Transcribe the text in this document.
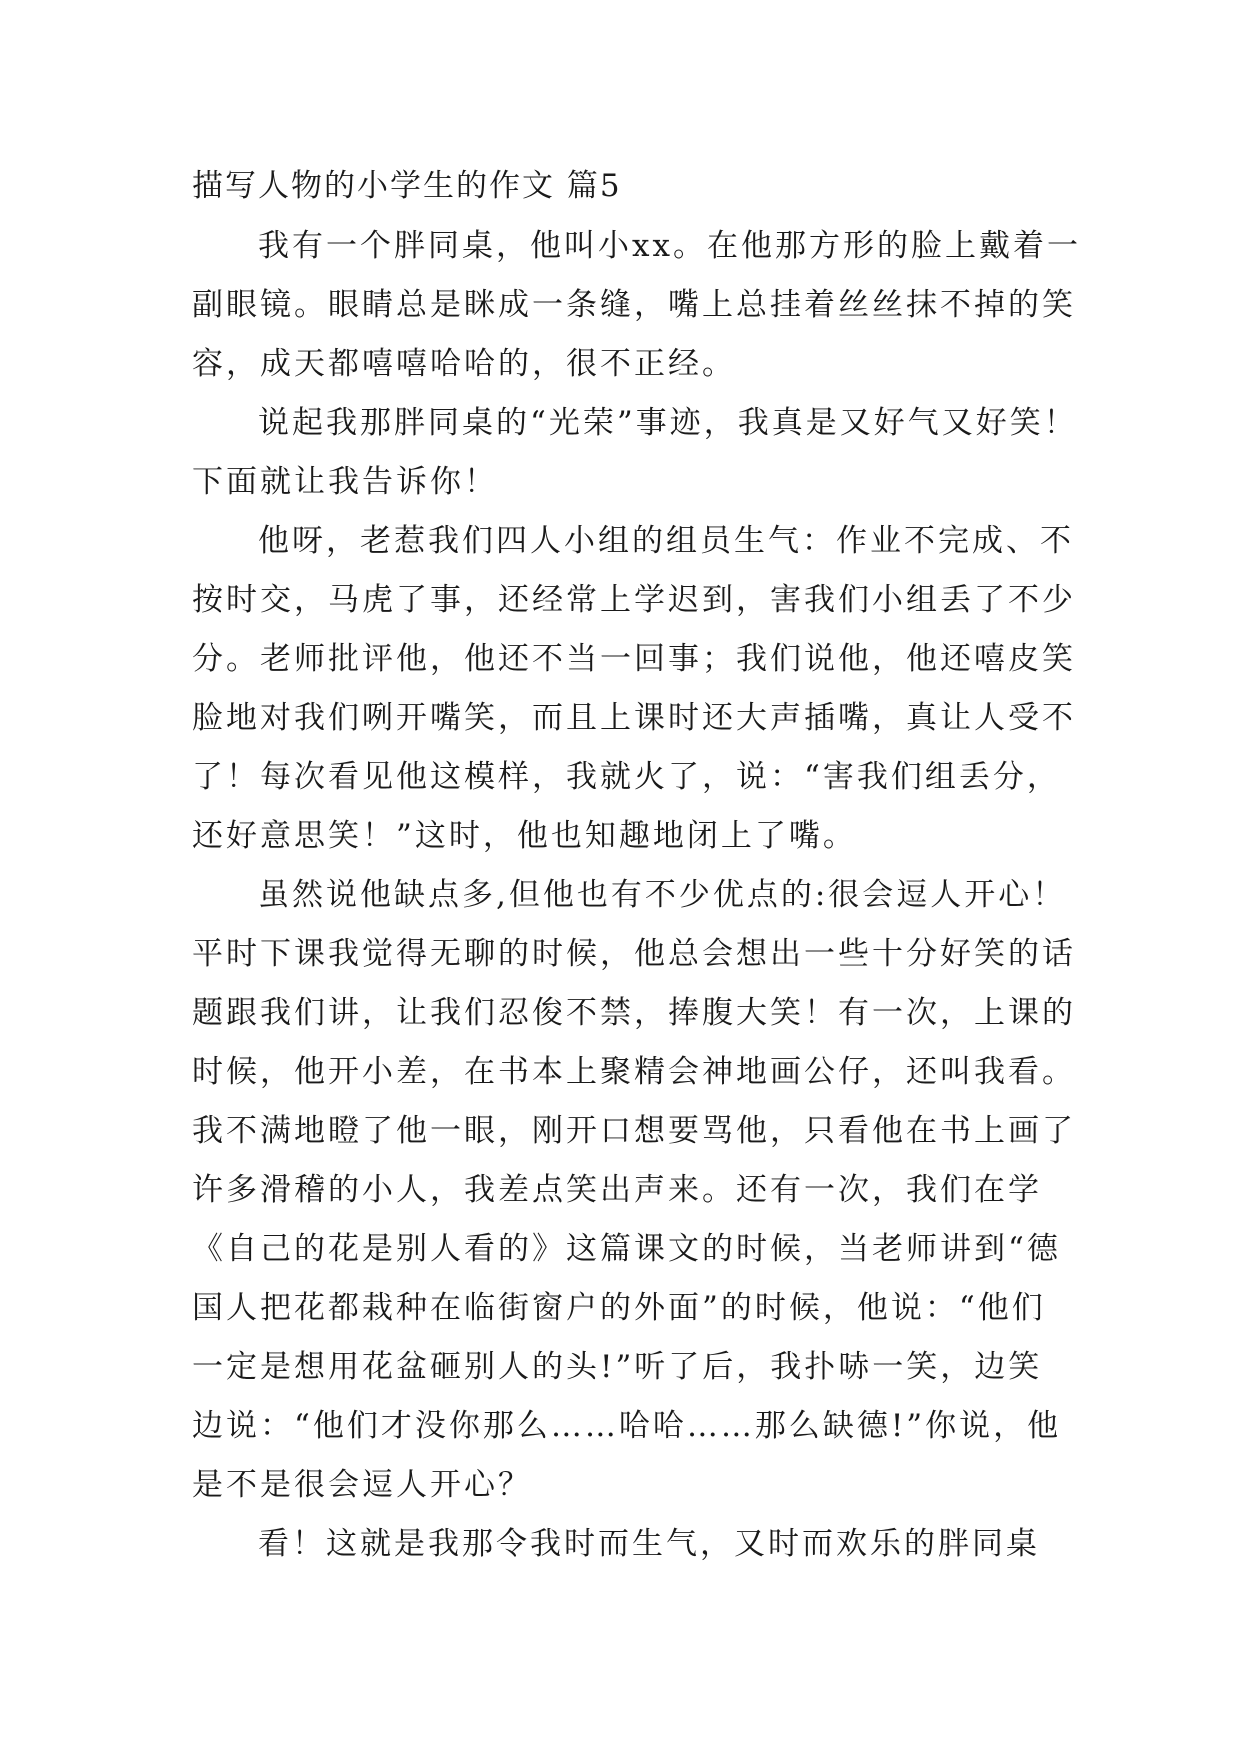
描写人物的小学生的作文 篇5
我有一个胖同桌，他叫小xx。在他那方形的脸上戴着一
副眼镜。眼睛总是眯成一条缝，嘴上总挂着丝丝抹不掉的笑
容，成天都嘻嘻哈哈的，很不正经。
说起我那胖同桌的“光荣”事迹，我真是又好气又好笑！
下面就让我告诉你！
他呀，老惹我们四人小组的组员生气：作业不完成、不
按时交，马虎了事，还经常上学迟到，害我们小组丢了不少
分。老师批评他，他还不当一回事；我们说他，他还嘻皮笑
脸地对我们咧开嘴笑，而且上课时还大声插嘴，真让人受不
了！每次看见他这模样，我就火了，说：“害我们组丢分，
还好意思笑！”这时，他也知趣地闭上了嘴。
虽然说他缺点多,但他也有不少优点的:很会逗人开心！
平时下课我觉得无聊的时候，他总会想出一些十分好笑的话
题跟我们讲，让我们忍俊不禁，捧腹大笑！有一次，上课的
时候，他开小差，在书本上聚精会神地画公仔，还叫我看。
我不满地瞪了他一眼，刚开口想要骂他，只看他在书上画了
许多滑稽的小人，我差点笑出声来。还有一次，我们在学
《自己的花是别人看的》这篇课文的时候，当老师讲到“德
国人把花都栽种在临街窗户的外面”的时候，他说：“他们
一定是想用花盆砸别人的头!”听了后，我扑哧一笑，边笑
边说：“他们才没你那么……哈哈……那么缺德!”你说，他
是不是很会逗人开心？
看！这就是我那令我时而生气，又时而欢乐的胖同桌
